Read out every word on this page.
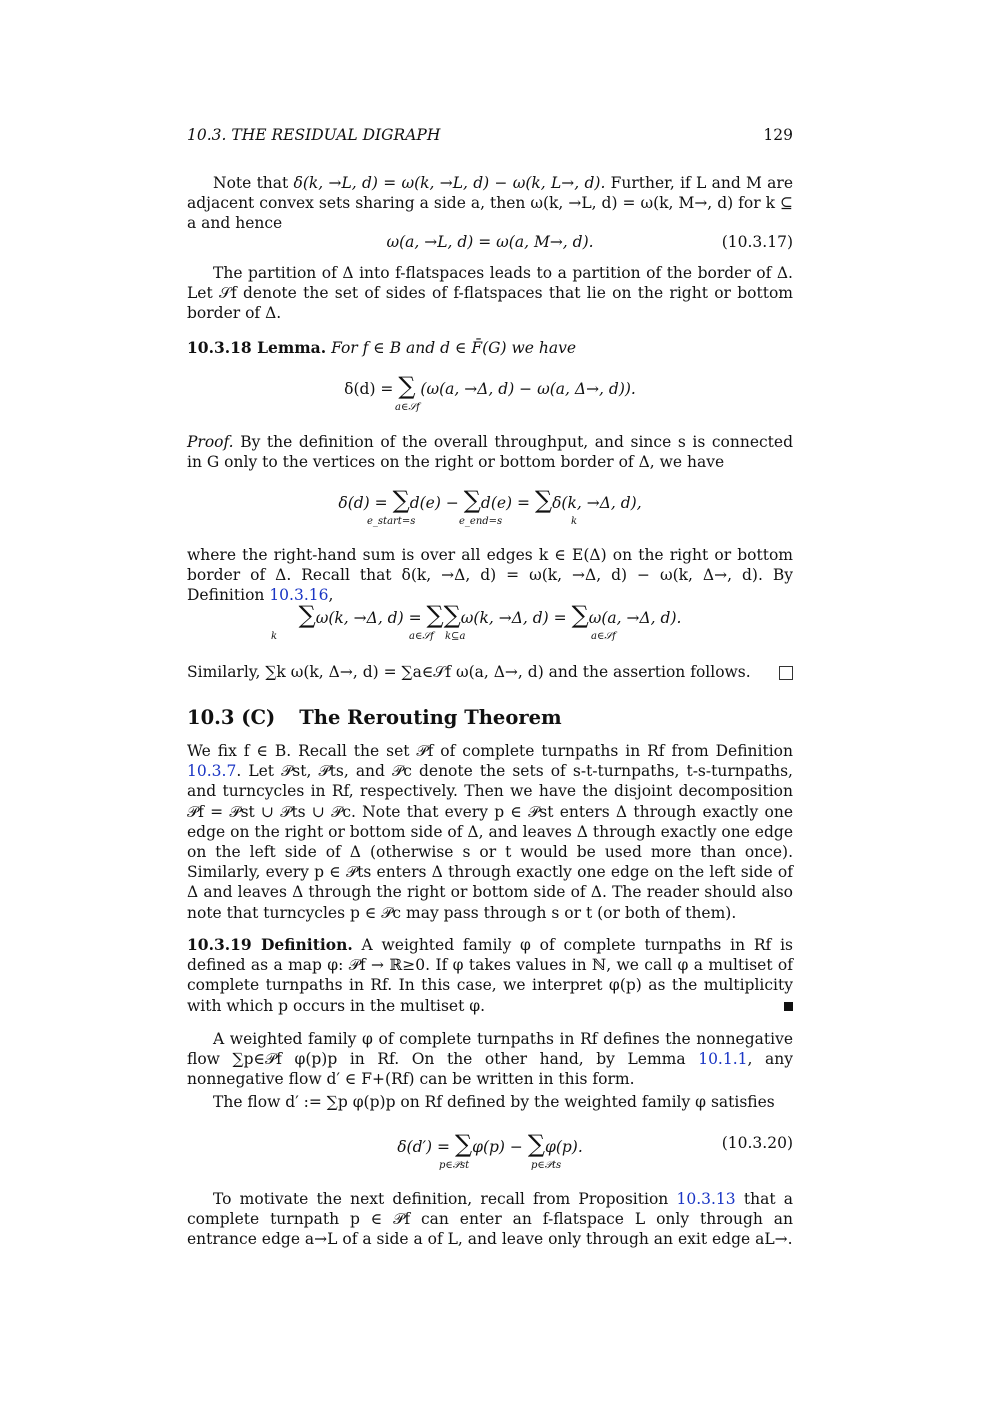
10.3. THE RESIDUAL DIGRAPH	129
Note that δ(k, →L, d) = ω(k, →L, d) − ω(k, L→, d). Further, if L and M are adjacent convex sets sharing a side a, then ω(k, →L, d) = ω(k, M→, d) for k ⊆ a and hence
ω(a, →L, d) = ω(a, M→, d).	(10.3.17)
The partition of Δ into f-flatspaces leads to a partition of the border of Δ. Let 𝒮f denote the set of sides of f-flatspaces that lie on the right or bottom border of Δ.
10.3.18 Lemma. For f ∈ B and d ∈ F̄(G) we have
δ(d) = ∑ (ω(a, →Δ, d) − ω(a, Δ→, d)).
a∈𝒮f
Proof. By the definition of the overall throughput, and since s is connected in G only to the vertices on the right or bottom border of Δ, we have
δ(d) = ∑d(e) − ∑d(e) = ∑δ(k, →Δ, d),
e_start=s	e_end=s	k
where the right-hand sum is over all edges k ∈ E(Δ) on the right or bottom border of Δ. Recall that δ(k, →Δ, d) = ω(k, →Δ, d) − ω(k, Δ→, d). By Definition 10.3.16,
∑ω(k, →Δ, d) = ∑∑ω(k, →Δ, d) = ∑ω(a, →Δ, d).
k	a∈𝒮f k⊆a	a∈𝒮f
Similarly, ∑k ω(k, Δ→, d) = ∑a∈𝒮f ω(a, Δ→, d) and the assertion follows.
10.3 (C) The Rerouting Theorem
We fix f ∈ B. Recall the set 𝒫f of complete turnpaths in Rf from Definition 10.3.7. Let 𝒫st, 𝒫ts, and 𝒫c denote the sets of s-t-turnpaths, t-s-turnpaths, and turncycles in Rf, respectively. Then we have the disjoint decomposition 𝒫f = 𝒫st ∪ 𝒫ts ∪ 𝒫c. Note that every p ∈ 𝒫st enters Δ through exactly one edge on the right or bottom side of Δ, and leaves Δ through exactly one edge on the left side of Δ (otherwise s or t would be used more than once). Similarly, every p ∈ 𝒫ts enters Δ through exactly one edge on the left side of Δ and leaves Δ through the right or bottom side of Δ. The reader should also note that turncycles p ∈ 𝒫c may pass through s or t (or both of them).
10.3.19 Definition. A weighted family φ of complete turnpaths in Rf is defined as a map φ: 𝒫f → ℝ≥0. If φ takes values in ℕ, we call φ a multiset of complete turnpaths in Rf. In this case, we interpret φ(p) as the multiplicity with which p occurs in the multiset φ.
A weighted family φ of complete turnpaths in Rf defines the nonnegative flow ∑p∈𝒫f φ(p)p in Rf. On the other hand, by Lemma 10.1.1, any nonnegative flow d′ ∈ F+(Rf) can be written in this form.
The flow d′ := ∑p φ(p)p on Rf defined by the weighted family φ satisfies
δ(d′) = ∑φ(p) − ∑φ(p).
p∈𝒫st	p∈𝒫ts
(10.3.20)
To motivate the next definition, recall from Proposition 10.3.13 that a complete turnpath p ∈ 𝒫f can enter an f-flatspace L only through an entrance edge a→L of a side a of L, and leave only through an exit edge aL→.
